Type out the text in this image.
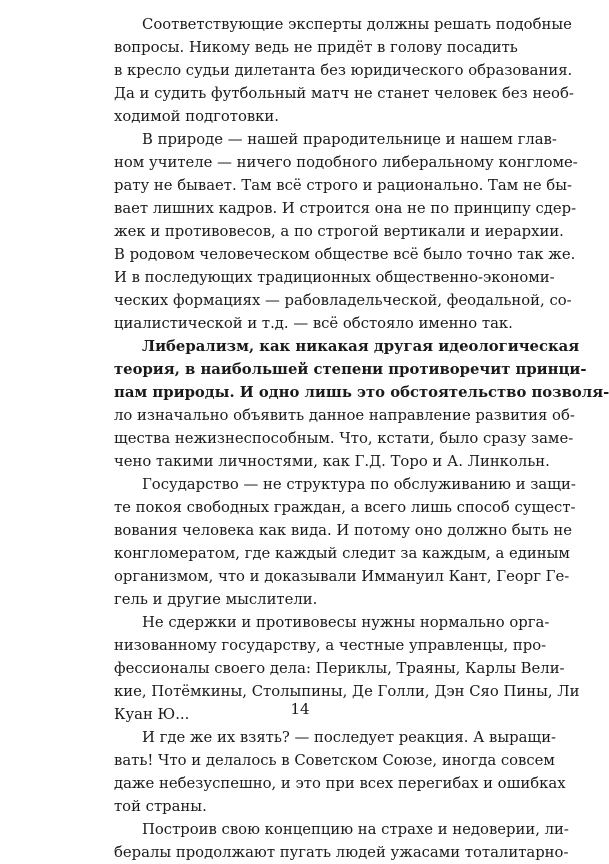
Соответствующие эксперты должны решать подобные
вопросы. Никому ведь не придёт в голову посадить
в кресло судьи дилетанта без юридического образования.
Да и судить футбольный матч не станет человек без необ-
ходимой подготовки.
В природе — нашей прародительнице и нашем глав-
ном учителе — ничего подобного либеральному конгломе-
рату не бывает. Там всё строго и рационально. Там не бы-
вает лишних кадров. И строится она не по принципу сдер-
жек и противовесов, а по строгой вертикали и иерархии.
В родовом человеческом обществе всё было точно так же.
И в последующих традиционных общественно-экономи-
ческих формациях — рабовладельческой, феодальной, со-
циалистической и т.д. — всё обстояло именно так.
Либерализм, как никакая другая идеологическая
теория, в наибольшей степени противоречит принци-
пам природы. И одно лишь это обстоятельство позволя-
ло изначально объявить данное направление развития об-
щества нежизнеспособным. Что, кстати, было сразу заме-
чено такими личностями, как Г.Д. Торо и А. Линкольн.
Государство — не структура по обслуживанию и защи-
те покоя свободных граждан, а всего лишь способ сущест-
вования человека как вида. И потому оно должно быть не
конгломератом, где каждый следит за каждым, а единым
организмом, что и доказывали Иммануил Кант, Георг Ге-
гель и другие мыслители.
Не сдержки и противовесы нужны нормально орга-
низованному государству, а честные управленцы, про-
фессионалы своего дела: Периклы, Траяны, Карлы Вели-
кие, Потёмкины, Столыпины, Де Голли, Дэн Сяо Пины, Ли
Куан Ю...
И где же их взять? — последует реакция. А выращи-
вать! Что и делалось в Советском Союзе, иногда совсем
даже небезуспешно, и это при всех перегибах и ошибках
той страны.
Построив свою концепцию на страхе и недоверии, ли-
бералы продолжают пугать людей ужасами тоталитарно-
14
